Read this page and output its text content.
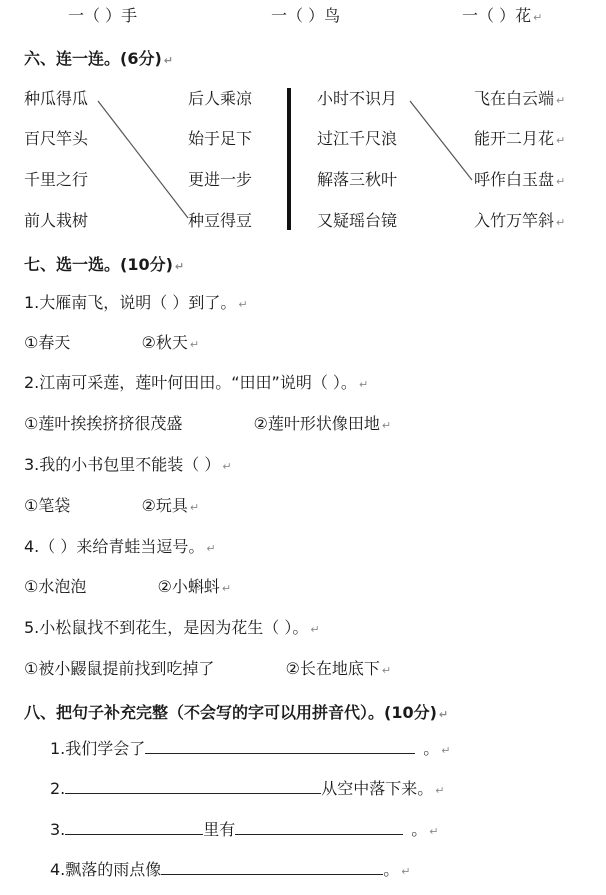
一（ ）手	一（ ）鸟	一（ ）花 ↵
六、连一连。(6分) ↵
种瓜得瓜
百尺竿头
千里之行
前人栽树
后人乘凉
始于足下
更进一步
种豆得豆
小时不识月
过江千尺浪
解落三秋叶
又疑瑶台镜
飞在白云端 ↵
能开二月花 ↵
呼作白玉盘 ↵
入竹万竿斜 ↵
七、选一选。(10分) ↵
1.大雁南飞，说明（ ）到了。 ↵
①春天              ②秋天 ↵
2.江南可采莲，莲叶何田田。“田田”说明（ ）。 ↵
①莲叶挨挨挤挤很茂盛              ②莲叶形状像田地 ↵
3.我的小书包里不能装（ ） ↵
①笔袋              ②玩具 ↵
4.（ ）来给青蛙当逗号。 ↵
①水泡泡              ②小蝌蚪 ↵
5.小松鼠找不到花生，是因为花生（ ）。 ↵
①被小鼹鼠提前找到吃掉了              ②长在地底下 ↵
八、把句子补充完整（不会写的字可以用拼音代）。(10分) ↵
1.我们学会了	。 ↵
2.	从空中落下来。 ↵
3.	里有	。 ↵
4.飘落的雨点像	。 ↵
